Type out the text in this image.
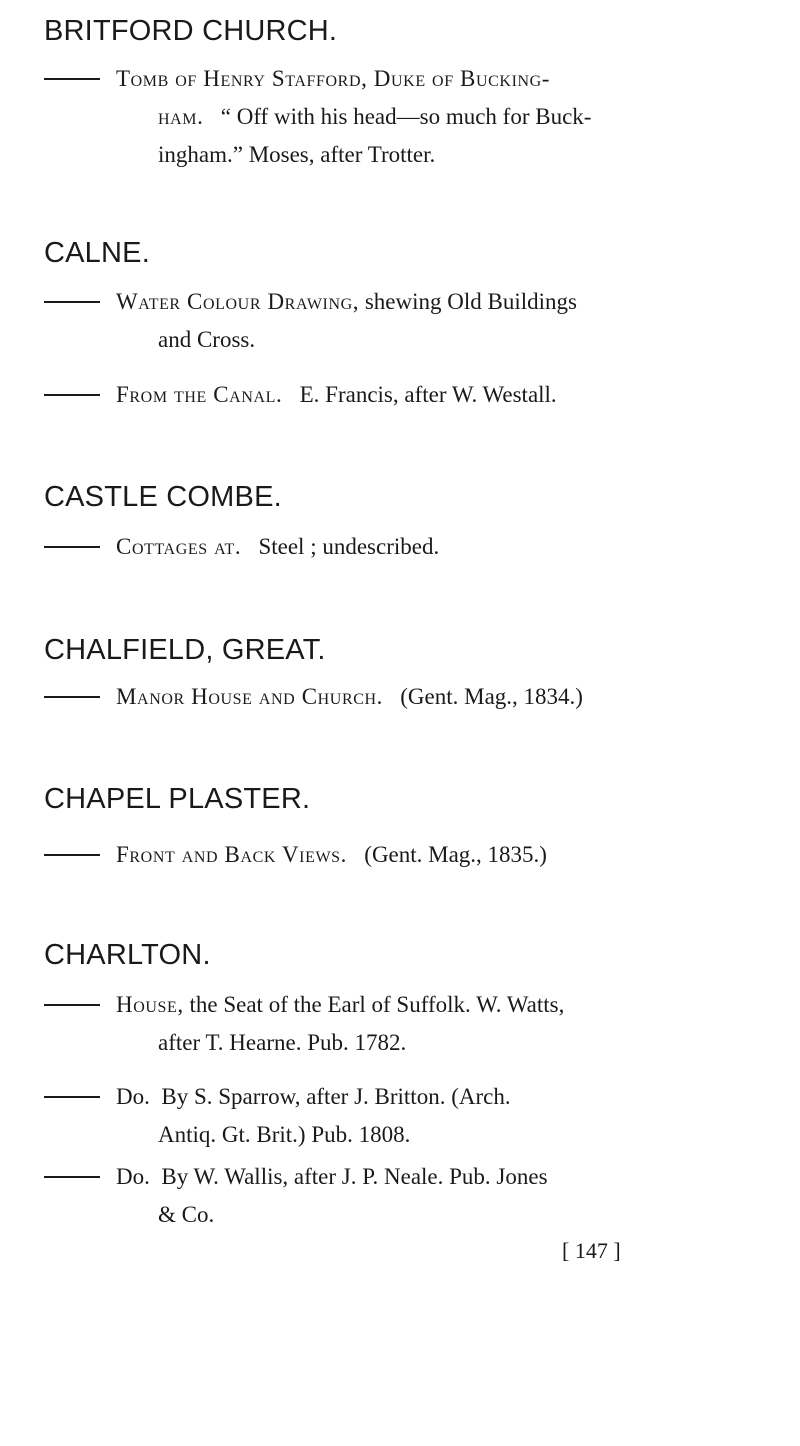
BRITFORD CHURCH.
Tomb of Henry Stafford, Duke of Bucking-
ham. “ Off with his head—so much for Buck-
ingham.” Moses, after Trotter.
CALNE.
Water Colour Drawing, shewing Old Buildings
and Cross.
From the Canal. E. Francis, after W. Westall.
CASTLE COMBE.
Cottages at. Steel ; undescribed.
CHALFIELD, GREAT.
Manor House and Church. (Gent. Mag., 1834.)
CHAPEL PLASTER.
Front and Back Views. (Gent. Mag., 1835.)
CHARLTON.
House, the Seat of the Earl of Suffolk. W. Watts,
after T. Hearne. Pub. 1782.
Do. By S. Sparrow, after J. Britton. (Arch.
Antiq. Gt. Brit.) Pub. 1808.
Do. By W. Wallis, after J. P. Neale. Pub. Jones
& Co.
[ 147 ]
